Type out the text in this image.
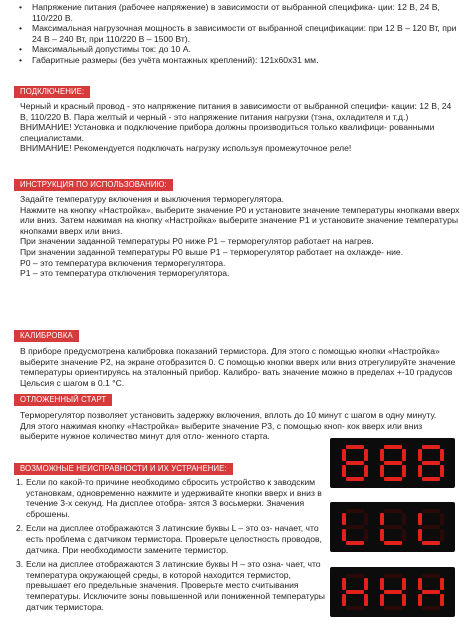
• Напряжение питания (рабочее напряжение) в зависимости от выбранной специфика- ции: 12 В, 24 В, 110/220 В.
• Максимальная нагрузочная мощность в зависимости от выбранной спецификации: при 12 В – 120 Вт, при 24 В – 240 Вт, при 110/220 В – 1500 Вт).
• Максимальный допустимы ток: до 10 А.
• Габаритные размеры (без учёта монтажных креплений): 121х60х31 мм.
ПОДКЛЮЧЕНИЕ:

Черный и красный провод - это напряжение питания в зависимости от выбранной специфи- кации: 12 В, 24 В, 110/220 В. Пара желтый и черный - это напряжение питания нагрузки (тэна, охладителя и т.д.)

ВНИМАНИЕ! Установка и подключение прибора должны производиться только квалифици- рованными специалистами.

ВНИМАНИЕ! Рекомендуется подключать нагрузку используя промежуточное реле!

ИНСТРУКЦИЯ ПО ИСПОЛЬЗОВАНИЮ:

Задайте температуру включения и выключения терморегулятора.

Нажмите на кнопку «Настройка», выберите значение Р0 и установите значение температуры кнопками вверх или вниз. Затем нажимая на кнопку «Настройка» выберите значение Р1 и установите значение температуры кнопками вверх или вниз.

При значении заданной температуры Р0 ниже Р1 – терморегулятор работает на нагрев.

При значении заданной температуры Р0 выше Р1 – терморегулятор работает на охлажде- ние.

Р0 – это температура включения терморегулятора.

Р1 – это температура отключения терморегулятора.

КАЛИБРОВКА

В приборе предусмотрена калибровка показаний термистора. Для этого с помощью кнопки «Настройка» выберите значение Р2, на экране отобразится 0. С помощью кнопки вверх или вниз отрегулируйте значение температуры ориентируясь на эталонный прибор. Калибро- вать значение можно в пределах +-10 градусов Цельсия с шагом в 0.1 °С.

ОТЛОЖЕННЫЙ СТАРТ

Терморегулятор позволяет установить задержку включения, вплоть до 10 минут с шагом в одну минуту. Для этого нажимая кнопку «Настройка» выберите значение Р3, с помощью кноп- кок вверх или вниз выберите нужное количество минут для отло- женного старта.

ВОЗМОЖНЫЕ НЕИСПРАВНОСТИ И ИХ УСТРАНЕНИЕ:
1. Если по какой-то причине необходимо сбросить устройство к заводским установкам, одновременно нажмите и удерживайте кнопки вверх и вниз в течение 3-х секунд. На дисплее отобра- зятся 3 восьмерки. Значения сброшены.
2. Если на дисплее отображаются 3 латинские буквы L – это оз- начает, что есть проблема с датчиком термистора. Проверьте целостность проводов, датчика. При необходимости замените термистор.
3. Если на дисплее отображаются 3 латинские буквы Н – это озна- чает, что температура окружающей среды, в которой находится термистор, превышает его предельные значения. Проверьте место считывания температуры. Исключите зоны повышенной или пониженной температуры датчик термистора.
